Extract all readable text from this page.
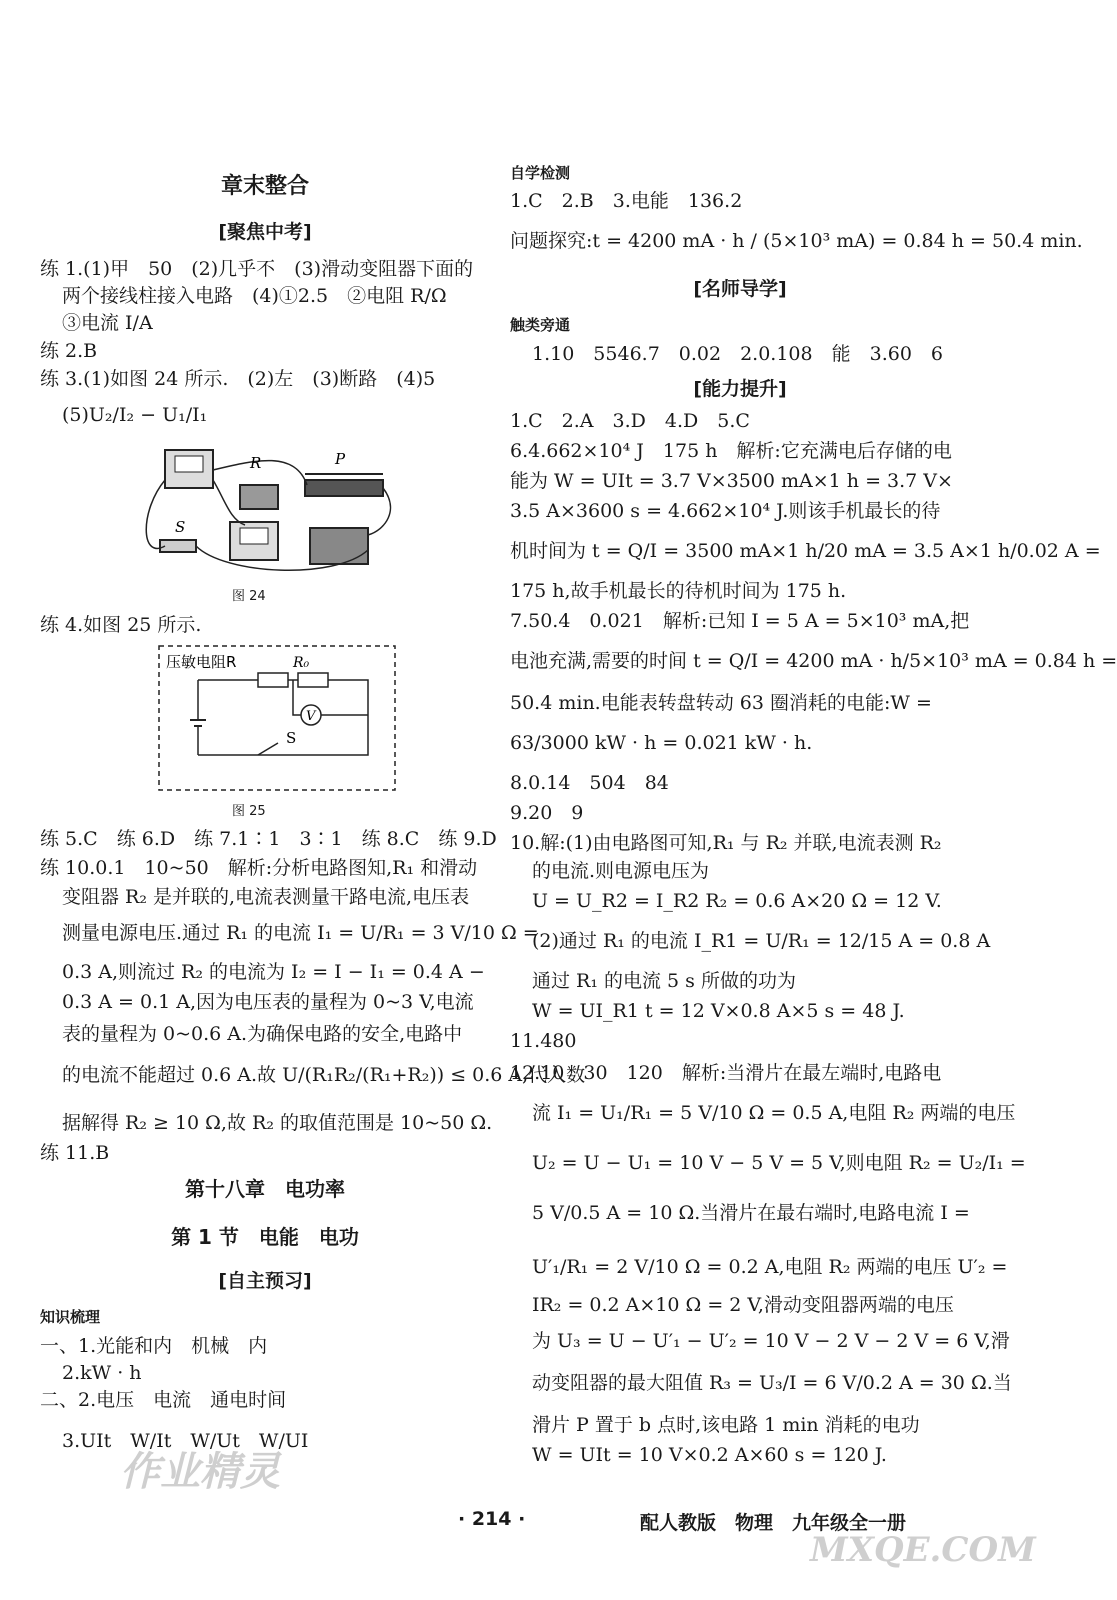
章末整合
[聚焦中考]
练 1.(1)甲　50　(2)几乎不　(3)滑动变阻器下面的
两个接线柱接入电路　(4)①2.5　②电阻 R/Ω
③电流 I/A
练 2.B
练 3.(1)如图 24 所示.　(2)左　(3)断路　(4)5
(5)U₂/I₂ − U₁/I₁
R	P
S
图 24
练 4.如图 25 所示.
压敏电阻R	R₀
V
S
图 25
练 5.C　练 6.D　练 7.1∶1　3∶1　练 8.C　练 9.D
练 10.0.1　10~50　解析:分析电路图知,R₁ 和滑动
变阻器 R₂ 是并联的,电流表测量干路电流,电压表
测量电源电压.通过 R₁ 的电流 I₁ = U/R₁ = 3 V/10 Ω =
0.3 A,则流过 R₂ 的电流为 I₂ = I − I₁ = 0.4 A −
0.3 A = 0.1 A,因为电压表的量程为 0~3 V,电流
表的量程为 0~0.6 A.为确保电路的安全,电路中
的电流不能超过 0.6 A.故 U/(R₁R₂/(R₁+R₂)) ≤ 0.6 A,代入数
据解得 R₂ ≥ 10 Ω,故 R₂ 的取值范围是 10~50 Ω.
练 11.B
第十八章　电功率
第 1 节　电能　电功
[自主预习]
知识梳理
一、1.光能和内　机械　内
2.kW · h
二、2.电压　电流　通电时间
3.UIt　W/It　W/Ut　W/UI
自学检测
1.C　2.B　3.电能　136.2
问题探究:t = 4200 mA · h / (5×10³ mA) = 0.84 h = 50.4 min.
[名师导学]
触类旁通
1.10　5546.7　0.02　2.0.108　能　3.60　6
[能力提升]
1.C　2.A　3.D　4.D　5.C
6.4.662×10⁴ J　175 h　解析:它充满电后存储的电
能为 W = UIt = 3.7 V×3500 mA×1 h = 3.7 V×
3.5 A×3600 s = 4.662×10⁴ J.则该手机最长的待
机时间为 t = Q/I = 3500 mA×1 h/20 mA = 3.5 A×1 h/0.02 A =
175 h,故手机最长的待机时间为 175 h.
7.50.4　0.021　解析:已知 I = 5 A = 5×10³ mA,把
电池充满,需要的时间 t = Q/I = 4200 mA · h/5×10³ mA = 0.84 h =
50.4 min.电能表转盘转动 63 圈消耗的电能:W =
63/3000 kW · h = 0.021 kW · h.
8.0.14　504　84
9.20　9
10.解:(1)由电路图可知,R₁ 与 R₂ 并联,电流表测 R₂
的电流.则电源电压为
U = U_R2 = I_R2 R₂ = 0.6 A×20 Ω = 12 V.
(2)通过 R₁ 的电流 I_R1 = U/R₁ = 12/15 A = 0.8 A
通过 R₁ 的电流 5 s 所做的功为
W = UI_R1 t = 12 V×0.8 A×5 s = 48 J.
11.480
12.10　30　120　解析:当滑片在最左端时,电路电
流 I₁ = U₁/R₁ = 5 V/10 Ω = 0.5 A,电阻 R₂ 两端的电压
U₂ = U − U₁ = 10 V − 5 V = 5 V,则电阻 R₂ = U₂/I₁ =
5 V/0.5 A = 10 Ω.当滑片在最右端时,电路电流 I =
U′₁/R₁ = 2 V/10 Ω = 0.2 A,电阻 R₂ 两端的电压 U′₂ =
IR₂ = 0.2 A×10 Ω = 2 V,滑动变阻器两端的电压
为 U₃ = U − U′₁ − U′₂ = 10 V − 2 V − 2 V = 6 V,滑
动变阻器的最大阻值 R₃ = U₃/I = 6 V/0.2 A = 30 Ω.当
滑片 P 置于 b 点时,该电路 1 min 消耗的电功
W = UIt = 10 V×0.2 A×60 s = 120 J.
· 214 ·	配人教版　物理　九年级全一册
MXQE.COM
作业精灵
